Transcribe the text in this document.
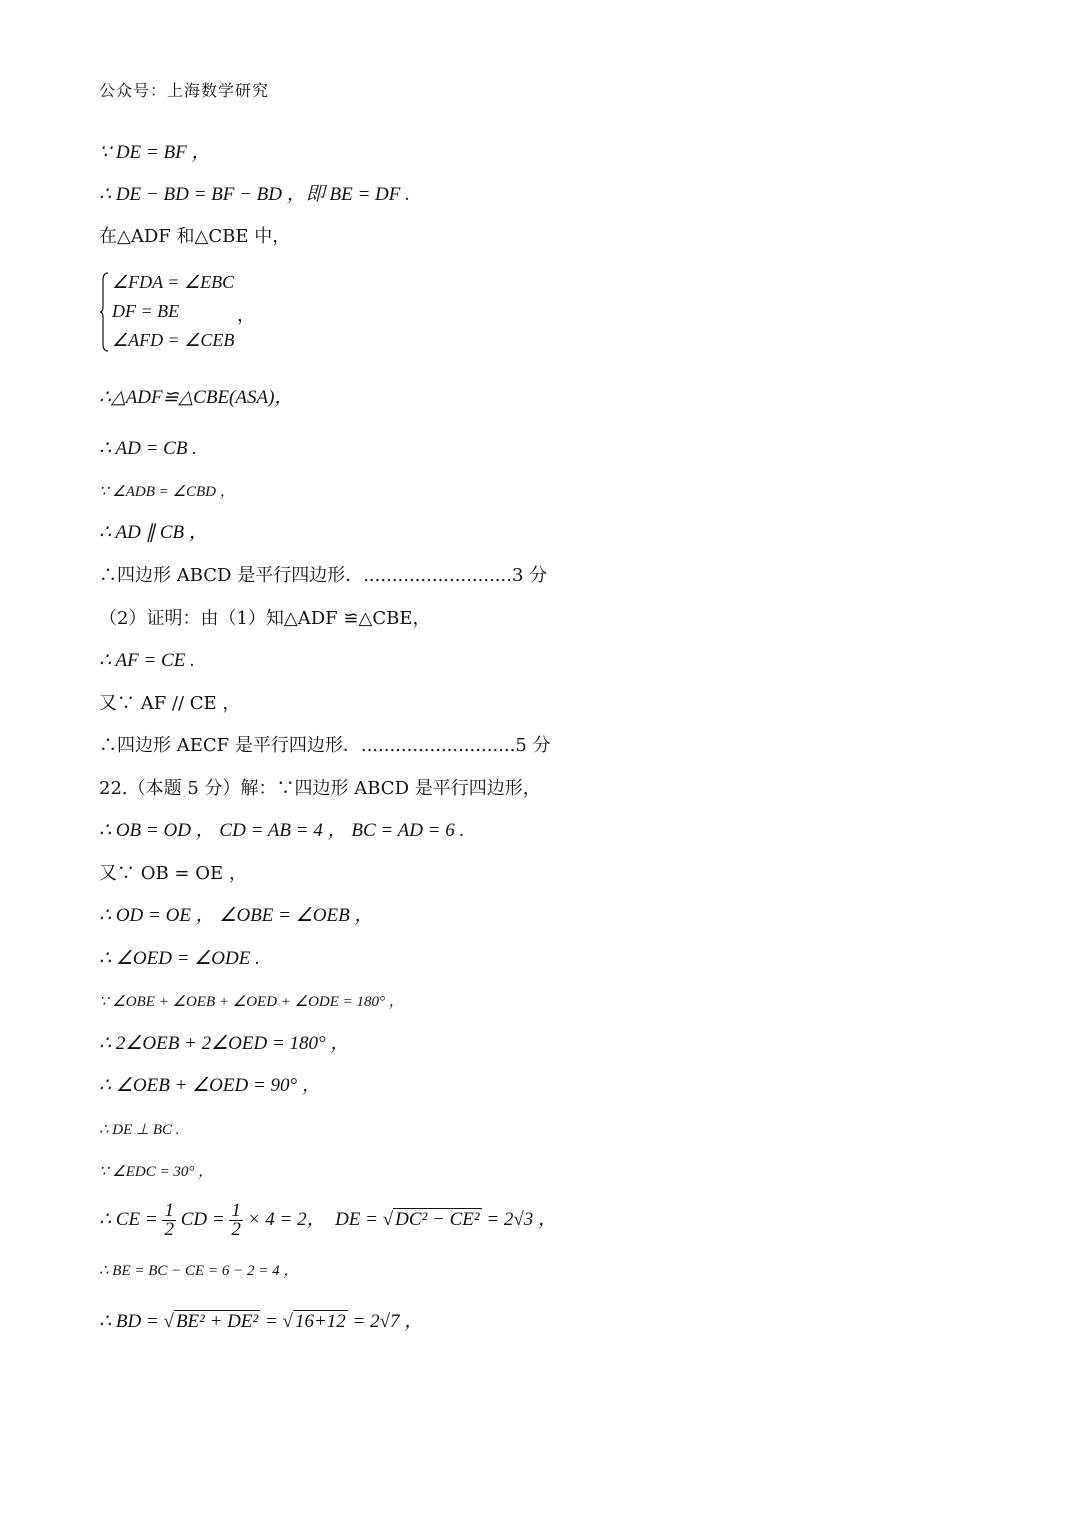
公众号：上海数学研究
∵ DE = BF ，
∴ DE − BD = BF − BD ，即 BE = DF .
在△ADF 和△CBE 中，
∠FDA = ∠EBC
DF = BE
∠AFD = ∠CEB
，
∴△ADF≌△CBE(ASA)，
∴ AD = CB .
∵ ∠ADB = ∠CBD ，
∴ AD ∥ CB ，
∴四边形 ABCD 是平行四边形．..........................3 分
（2）证明：由（1）知△ADF ≌△CBE，
∴ AF = CE .
又∵ AF // CE ，
∴四边形 AECF 是平行四边形．...........................5 分
22.（本题 5 分）解：∵四边形 ABCD 是平行四边形，
∴ OB = OD ， CD = AB = 4 ， BC = AD = 6 .
又∵ OB = OE ，
∴ OD = OE ， ∠OBE = ∠OEB ，
∴ ∠OED = ∠ODE .
∵ ∠OBE + ∠OEB + ∠OED + ∠ODE = 180° ，
∴ 2∠OEB + 2∠OED = 180° ，
∴ ∠OEB + ∠OED = 90° ，
∴ DE ⊥ BC .
∵ ∠EDC = 30° ，
∴ CE = $\frac{1}{2}$ CD = $\frac{1}{2} \times 4 = 2$， DE = √ DC² − CE² = 2√3 ，
∴ BE = BC − CE = 6 − 2 = 4 ，
∴ BD = √ BE² + DE² = √ 16+12 = 2√7 ，
